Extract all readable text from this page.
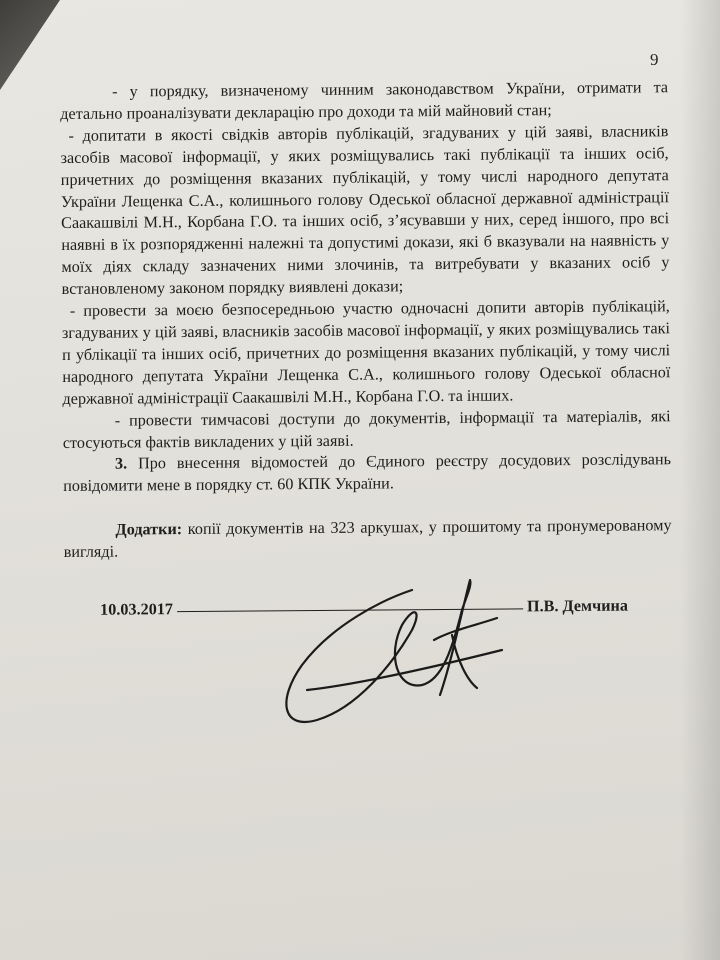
9

- у порядку, визначеному чинним законодавством України, отримати та детально проаналізувати декларацію про доходи та мій майновий стан;

- допитати в якості свідків авторів публікацій, згадуваних у цій заяві, власників засобів масової інформації, у яких розміщувались такі публікації та інших осіб, причетних до розміщення вказаних публікацій, у тому числі народного депутата України Лещенка С.А., колишнього голову Одеської обласної державної адміністрації Саакашвілі М.Н., Корбана Г.О. та інших осіб, з’ясувавши у них, серед іншого, про всі наявні в їх розпорядженні належні та допустимі докази, які б вказували на наявність у моїх діях складу зазначених ними злочинів, та витребувати у вказаних осіб у встановленому законом порядку виявлені докази;

- провести за моєю безпосередньою участю одночасні допити авторів публікацій, згадуваних у цій заяві, власників засобів масової інформації, у яких розміщувались такі п ублікації та інших осіб, причетних до розміщення вказаних публікацій, у тому числі народного депутата України Лещенка С.А., колишнього голову Одеської обласної державної адміністрації Саакашвілі М.Н., Корбана Г.О. та інших.

- провести тимчасові доступи до документів, інформації та матеріалів, які стосуються фактів викладених у цій заяві.

3. Про внесення відомостей до Єдиного реєстру досудових розслідувань повідомити мене в порядку ст. 60 КПК України.

Додатки: копії документів на 323 аркушах, у прошитому та пронумерованому вигляді.

10.03.2017	П.В. Демчина
